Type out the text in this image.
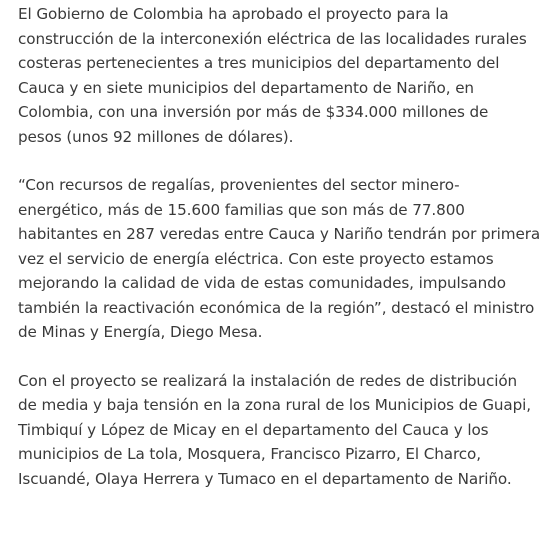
El Gobierno de Colombia ha aprobado el proyecto para la
construcción de la interconexión eléctrica de las localidades rurales
costeras pertenecientes a tres municipios del departamento del
Cauca y en siete municipios del departamento de Nariño, en
Colombia, con una inversión por más de $334.000 millones de
pesos (unos 92 millones de dólares).

“Con recursos de regalías, provenientes del sector minero-
energético, más de 15.600 familias que son más de 77.800
habitantes en 287 veredas entre Cauca y Nariño tendrán por primera
vez el servicio de energía eléctrica. Con este proyecto estamos
mejorando la calidad de vida de estas comunidades, impulsando
también la reactivación económica de la región”, destacó el ministro
de Minas y Energía, Diego Mesa.

Con el proyecto se realizará la instalación de redes de distribución
de media y baja tensión en la zona rural de los Municipios de Guapi,
Timbiquí y López de Micay en el departamento del Cauca y los
municipios de La tola, Mosquera, Francisco Pizarro, El Charco,
Iscuandé, Olaya Herrera y Tumaco en el departamento de Nariño.
